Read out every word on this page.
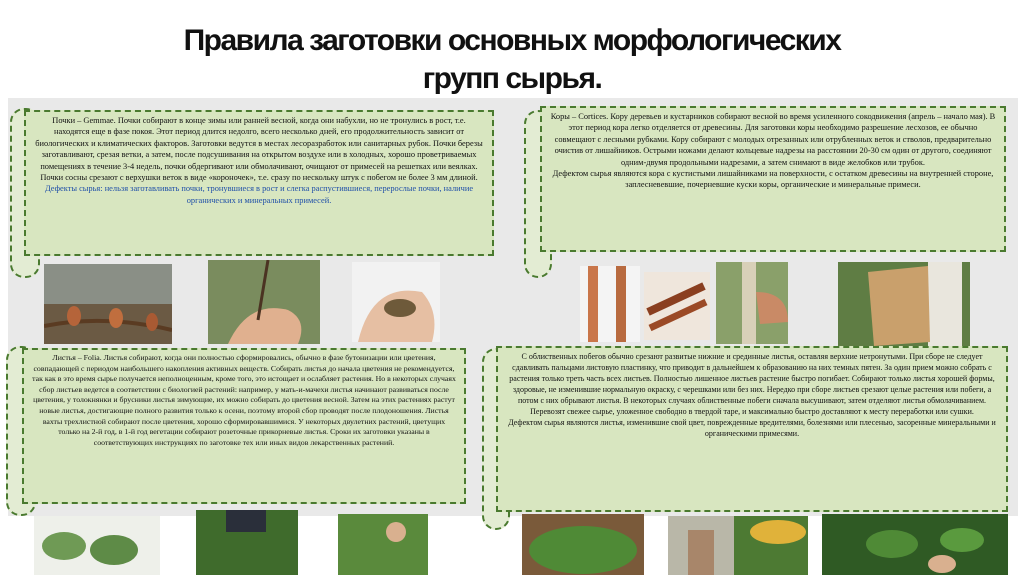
Правила заготовки основных морфологических
групп сырья.

Почки – Gemmae. Почки собирают в конце зимы или ранней весной, когда они набухли, но не тронулись в рост, т.е. находятся еще в фазе покоя. Этот период длится недолго, всего несколько дней, его продолжительность зависит от биологических и климатических факторов. Заготовки ведутся в местах лесоразработок или санитарных рубок. Почки березы заготавливают, срезая ветки, а затем, после подсушивания на открытом воздухе или в холодных, хорошо проветриваемых помещениях в течение 3-4 недель, почки обдергивают или обмолачивают, очищают от примесей на решетках или веялках. Почки сосны срезают с верхушки веток в виде «короночек», т.е. сразу по нескольку штук с побегом не более 3 мм длиной.

Дефекты сырья: нельзя заготавливать почки, тронувшиеся в рост и слегка распустившиеся, перерослые почки, наличие органических и минеральных примесей.

Коры – Cortices. Кору деревьев и кустарников собирают весной во время усиленного сокодвижения (апрель – начало мая). В этот период кора легко отделяется от древесины. Для заготовки коры необходимо разрешение лесхозов, ее обычно совмещают с лесными рубками. Кору собирают с молодых отрезанных или отрубленных веток и стволов, предварительно очистив от лишайников. Острыми ножами делают кольцевые надрезы на расстоянии 20-30 см один от другого, соединяют одним-двумя продольными надрезами, а затем снимают в виде желобков или трубок.

Дефектом сырья являются кора с кустистыми лишайниками на поверхности, с остатком древесины на внутренней стороне, заплесневевшие, почерневшие куски коры, органические и минеральные примеси.

Листья – Folia. Листья собирают, когда они полностью сформировались, обычно в фазе бутонизации или цветения, совпадающей с периодом наибольшего накопления активных веществ. Собирать листья до начала цветения не рекомендуется, так как в это время сырье получается неполноценным, кроме того, это истощает и ослабляет растения. Но в некоторых случаях сбор листьев ведется в соответствии с биологией растений: например, у мать-и-мачехи листья начинают развиваться после цветения, у толокнянки и брусники листья зимующие, их можно собирать до цветения весной. Затем на этих растениях растут новые листья, достигающие полного развития только к осени, поэтому второй сбор проводят после плодоношения. Листья вахты трехлистной собирают после цветения, хорошо сформировавшимися. У некоторых двулетних растений, цветущих только на 2-й год, в 1-й год вегетации собирают розеточные прикорневые листья. Сроки их заготовки указаны в соответствующих инструкциях по заготовке тех или иных видов лекарственных растений.

С облиственных побегов обычно срезают развитые нижние и срединные листья, оставляя верхние нетронутыми. При сборе не следует сдавливать пальцами листовую пластинку, что приводит в дальнейшем к образованию на них темных пятен. За один прием можно собрать с растения только треть часть всех листьев. Полностью лишенное листьев растение быстро погибает. Собирают только листья хорошей формы, здоровые, не изменившие нормальную окраску, с черешками или без них. Нередко при сборе листьев срезают целые растения или побеги, а потом с них обрывают листья. В некоторых случаях облиственные побеги сначала высушивают, затем отделяют листья обмолачиванием. Перевозят свежее сырье, уложенное свободно в твердой таре, и максимально быстро доставляют к месту переработки или сушки.

Дефектом сырья являются листья, изменившие свой цвет, поврежденные вредителями, болезнями или плесенью, засоренные минеральными и органическими примесями.
